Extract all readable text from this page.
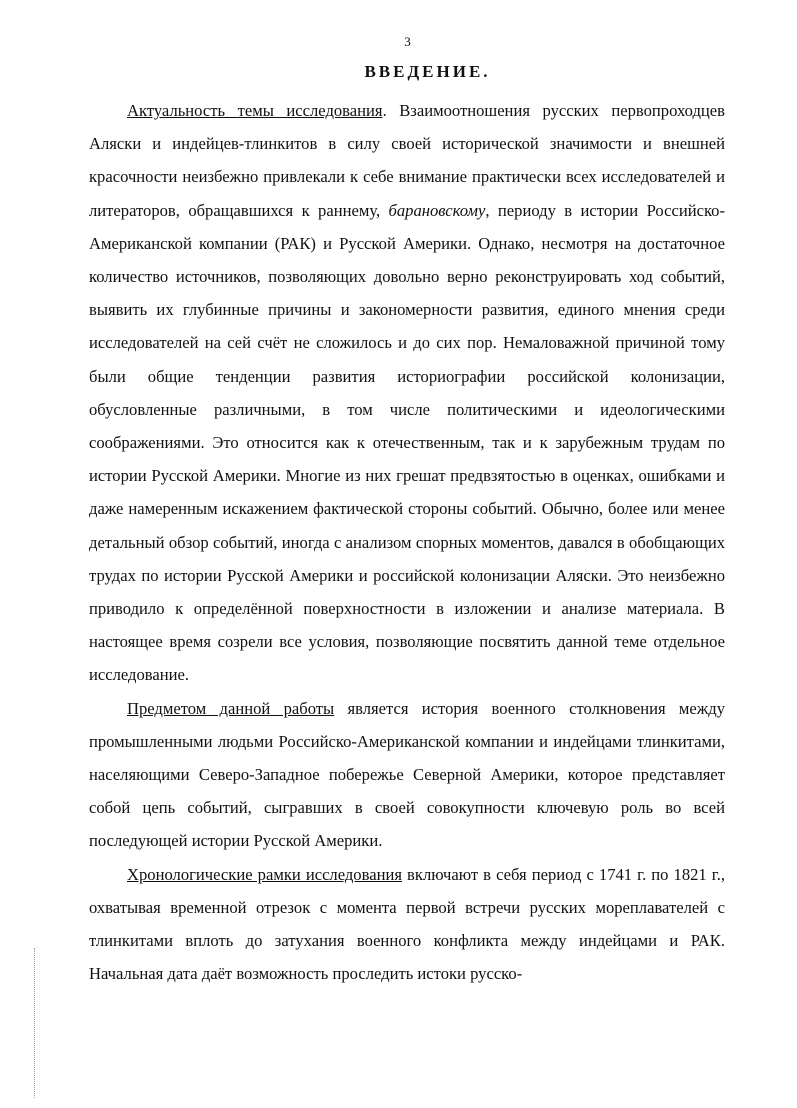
3
ВВЕДЕНИЕ.

Актуальность темы исследования. Взаимоотношения русских первопроходцев Аляски и индейцев-тлинкитов в силу своей исторической значимости и внешней красочности неизбежно привлекали к себе внимание практически всех исследователей и литераторов, обращавшихся к раннему, барановскому, периоду в истории Российско-Американской компании (РАК) и Русской Америки. Однако, несмотря на достаточное количество источников, позволяющих довольно верно реконструировать ход событий, выявить их глубинные причины и закономерности развития, единого мнения среди исследователей на сей счёт не сложилось и до сих пор. Немаловажной причиной тому были общие тенденции развития историографии российской колонизации, обусловленные различными, в том числе политическими и идеологическими соображениями. Это относится как к отечественным, так и к зарубежным трудам по истории Русской Америки. Многие из них грешат предвзятостью в оценках, ошибками и даже намеренным искажением фактической стороны событий. Обычно, более или менее детальный обзор событий, иногда с анализом спорных моментов, давался в обобщающих трудах по истории Русской Америки и российской колонизации Аляски. Это неизбежно приводило к определённой поверхностности в изложении и анализе материала. В настоящее время созрели все условия, позволяющие посвятить данной теме отдельное исследование.

Предметом данной работы является история военного столкновения между промышленными людьми Российско-Американской компании и индейцами тлинкитами, населяющими Северо-Западное побережье Северной Америки, которое представляет собой цепь событий, сыгравших в своей совокупности ключевую роль во всей последующей истории Русской Америки.

Хронологические рамки исследования включают в себя период с 1741 г. по 1821 г., охватывая временной отрезок с момента первой встречи русских мореплавателей с тлинкитами вплоть до затухания военного конфликта между индейцами и РАК. Начальная дата даёт возможность проследить истоки русско-
